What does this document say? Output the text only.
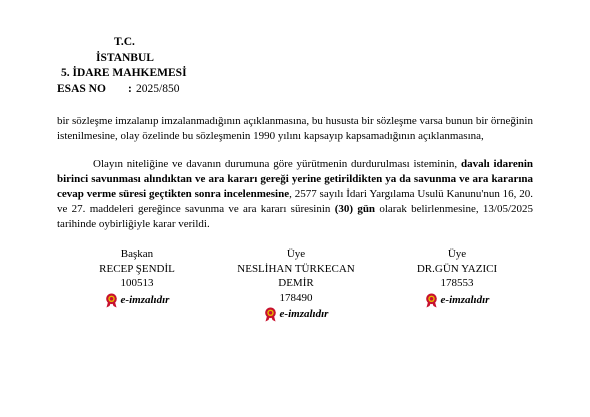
T.C.
İSTANBUL
5. İDARE MAHKEMESİ
ESAS NO : 2025/850

bir sözleşme imzalanıp imzalanmadığının açıklanmasına, bu hususta bir sözleşme varsa bunun bir örneğinin istenilmesine, olay özelinde bu sözleşmenin 1990 yılını kapsayıp kapsamadığının açıklanmasına,

Olayın niteliğine ve davanın durumuna göre yürütmenin durdurulması isteminin, davalı idarenin birinci savunması alındıktan ve ara kararı gereği yerine getirildikten ya da savunma ve ara kararına cevap verme süresi geçtikten sonra incelenmesine, 2577 sayılı İdari Yargılama Usulü Kanunu'nun 16, 20. ve 27. maddeleri gereğince savunma ve ara kararı süresinin (30) gün olarak belirlenmesine, 13/05/2025 tarihinde oybirliğiyle karar verildi.

Başkan
RECEP ŞENDİL
100513
e-imzalıdır
Üye
NESLİHAN TÜRKECAN
DEMİR
178490
e-imzalıdır
Üye
DR.GÜN YAZICI
178553
e-imzalıdır
